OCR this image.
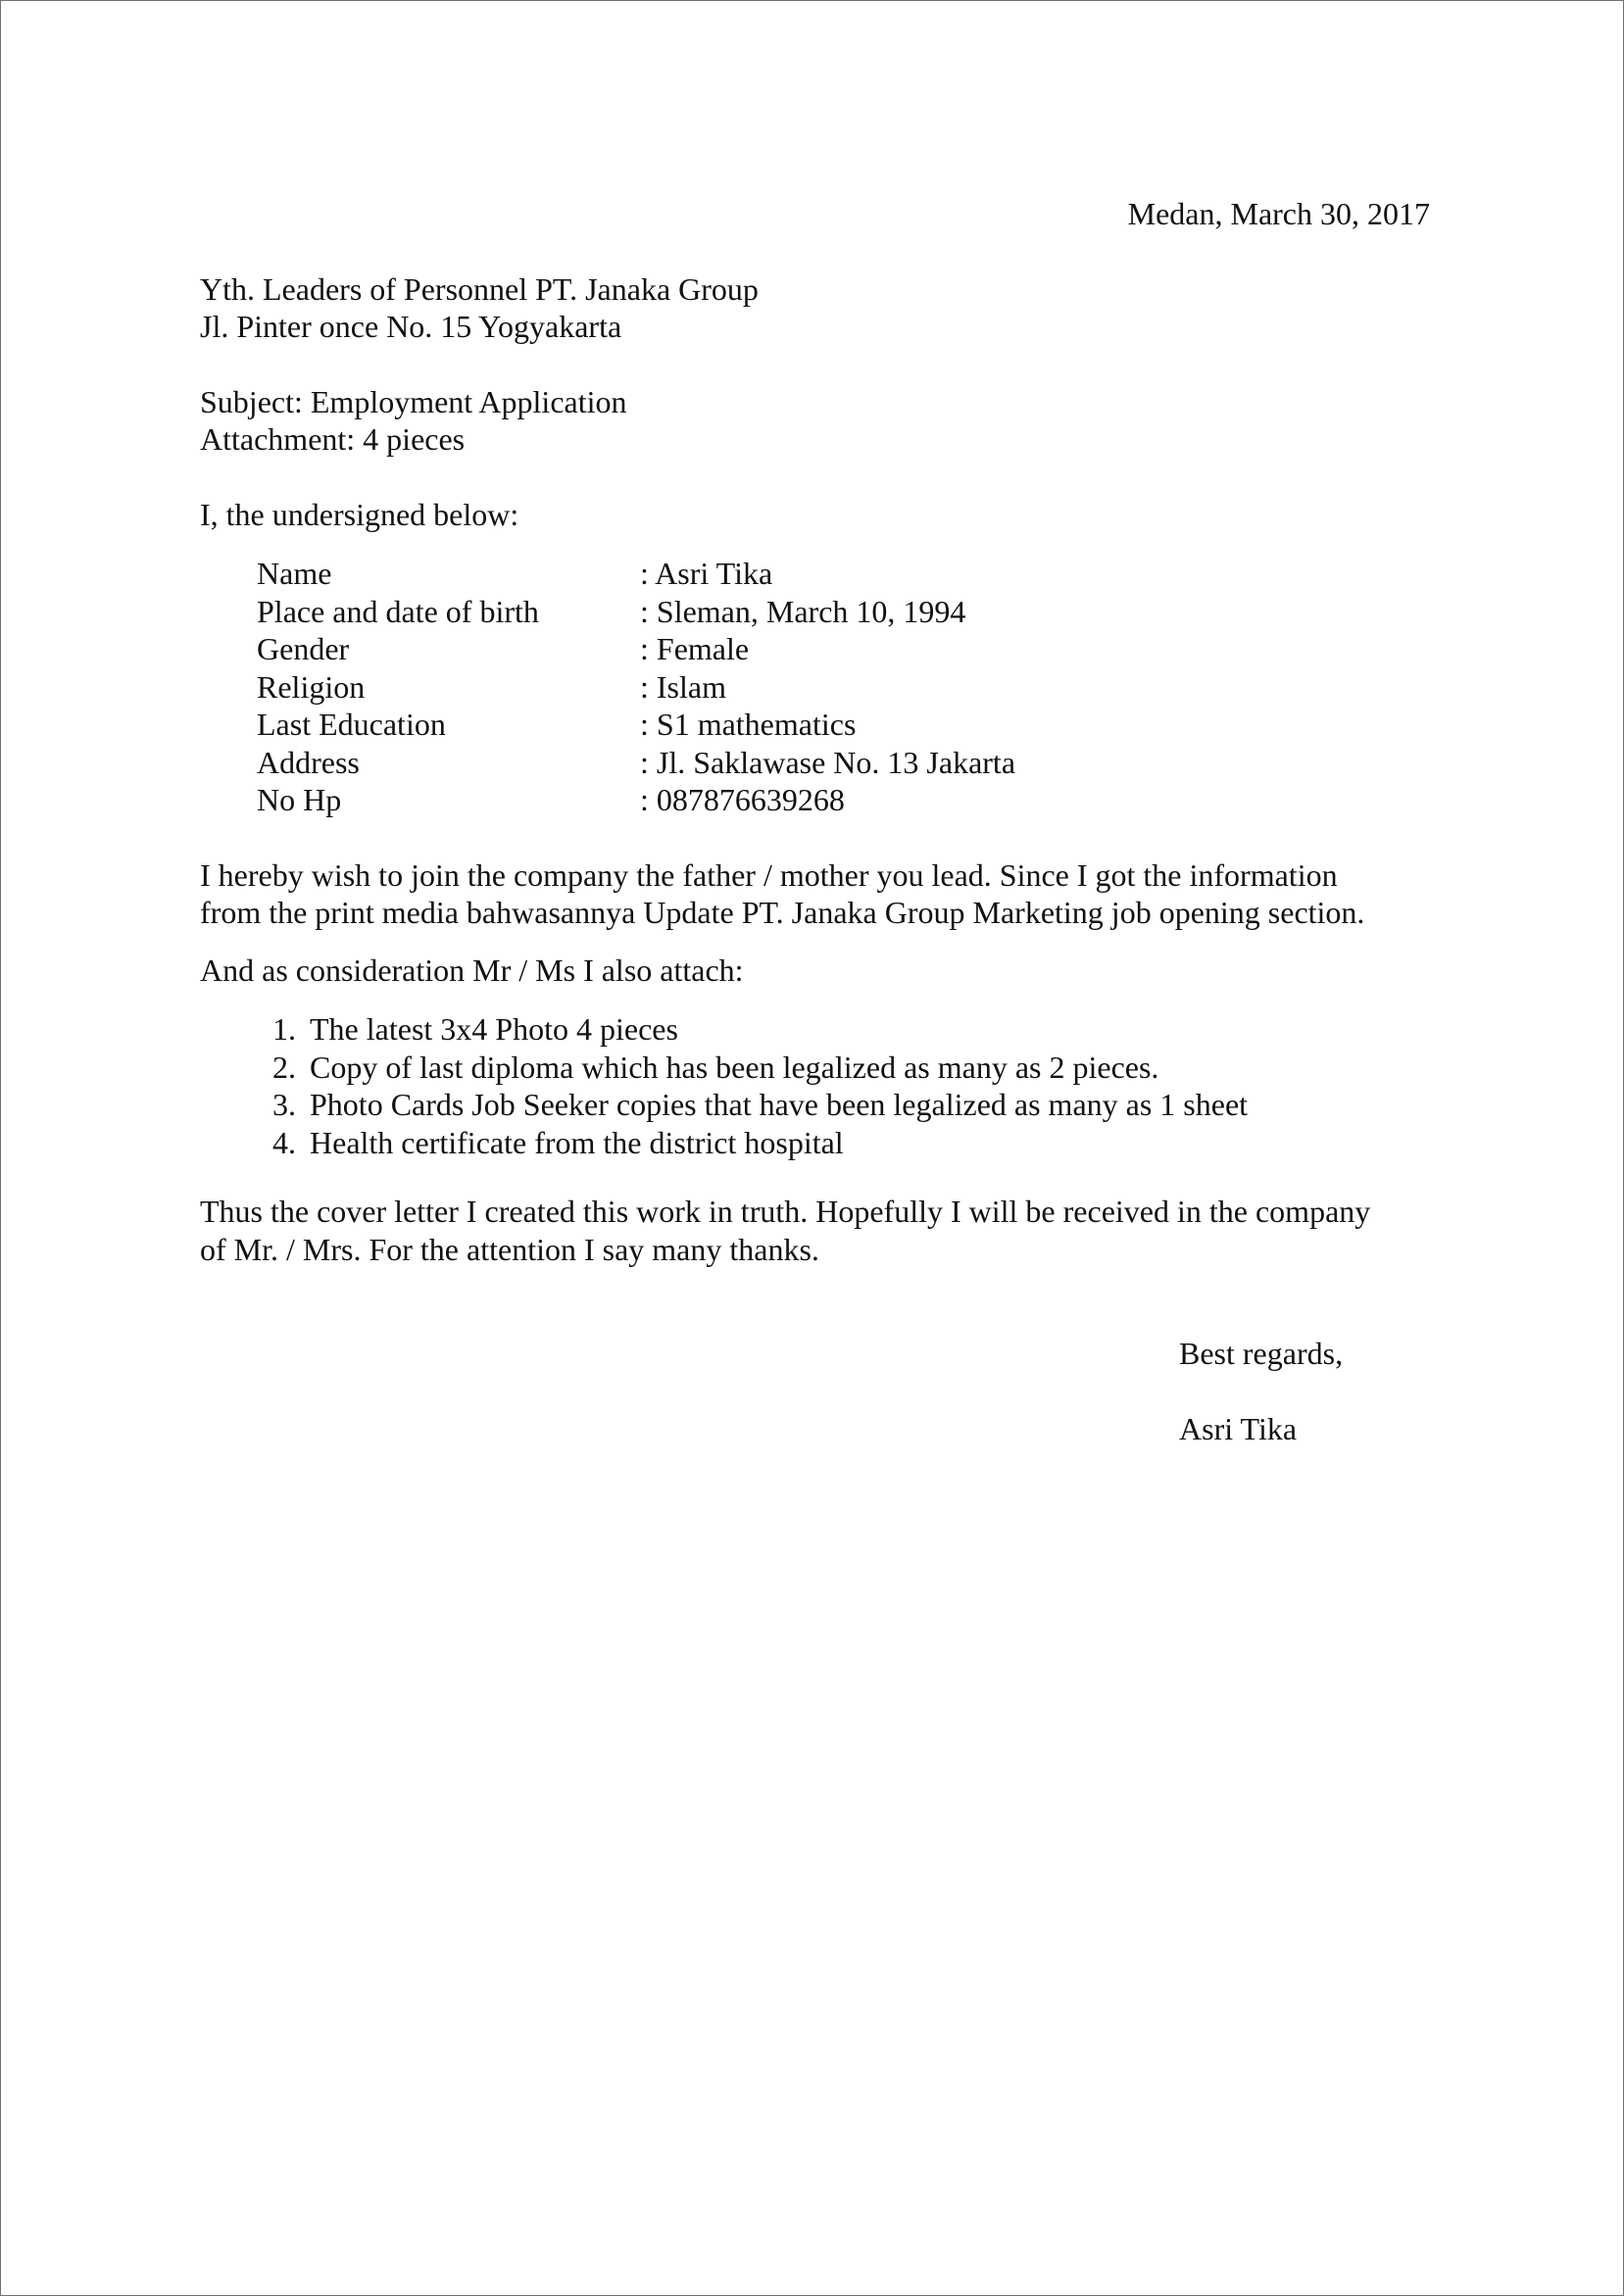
Medan, March 30, 2017

Yth. Leaders of Personnel PT. Janaka Group
Jl. Pinter once No. 15 Yogyakarta
Subject: Employment Application
Attachment: 4 pieces

I, the undersigned below:

Name	: Asri Tika
Place and date of birth	: Sleman, March 10, 1994
Gender	: Female
Religion	: Islam
Last Education	: S1 mathematics
Address	: Jl. Saklawase No. 13 Jakarta
No Hp	: 087876639268
I hereby wish to join the company the father / mother you lead. Since I got the information
from the print media bahwasannya Update PT. Janaka Group Marketing job opening section.

And as consideration Mr / Ms I also attach:

1. The latest 3x4 Photo 4 pieces
2. Copy of last diploma which has been legalized as many as 2 pieces.
3. Photo Cards Job Seeker copies that have been legalized as many as 1 sheet
4. Health certificate from the district hospital
Thus the cover letter I created this work in truth. Hopefully I will be received in the company
of Mr. / Mrs. For the attention I say many thanks.
Best regards,
Asri Tika
